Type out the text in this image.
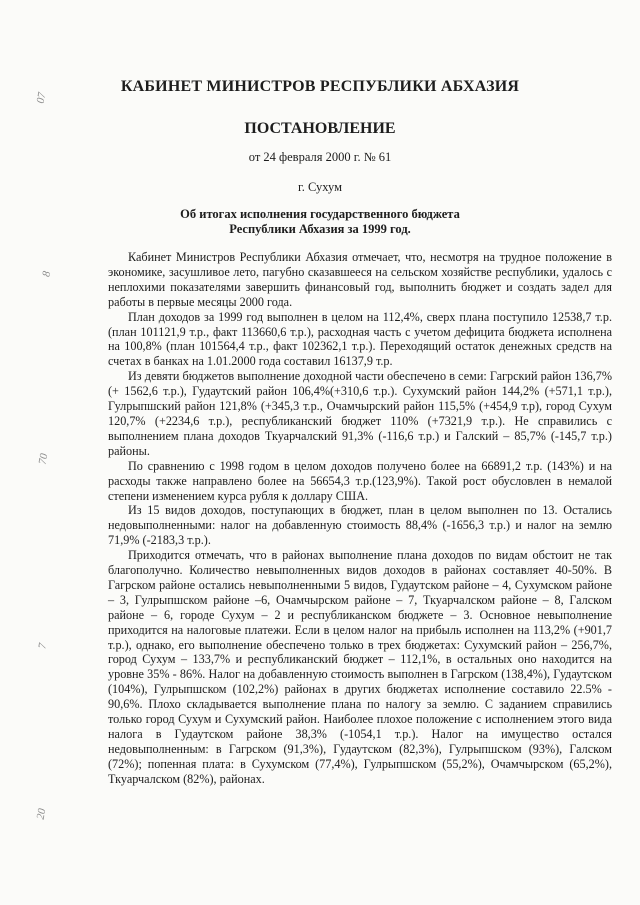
07
8
70
7
20
КАБИНЕТ МИНИСТРОВ РЕСПУБЛИКИ АБХАЗИЯ
ПОСТАНОВЛЕНИЕ
от 24 февраля 2000 г. № 61
г. Сухум
Об итогах исполнения государственного бюджета
Республики Абхазия за 1999 год.

Кабинет Министров Республики Абхазия отмечает, что, несмотря на трудное положение в экономике, засушливое лето, пагубно сказавшееся на сельском хозяйстве республики, удалось с неплохими показателями завершить финансовый год, выполнить бюджет и создать задел для работы в первые месяцы 2000 года.

План доходов за 1999 год выполнен в целом на 112,4%, сверх плана поступило 12538,7 т.р. (план 101121,9 т.р., факт 113660,6 т.р.), расходная часть с учетом дефицита бюджета исполнена на 100,8% (план 101564,4 т.р., факт 102362,1 т.р.). Переходящий остаток денежных средств на счетах в банках на 1.01.2000 года составил 16137,9 т.р.

Из девяти бюджетов выполнение доходной части обеспечено в семи: Гагрский район 136,7% (+ 1562,6 т.р.), Гудаутский район 106,4%(+310,6 т.р.). Сухумский район 144,2% (+571,1 т.р.), Гулрыпшский район 121,8% (+345,3 т.р., Очамчырский район 115,5% (+454,9 т.р), город Сухум 120,7% (+2234,6 т.р.), республиканский бюджет 110% (+7321,9 т.р.). Не справились с выполнением плана доходов Ткуарчалский 91,3% (-116,6 т.р.) и Галский – 85,7% (-145,7 т.р.) районы.

По сравнению с 1998 годом в целом доходов получено более на 66891,2 т.р. (143%) и на расходы также направлено более на 56654,3 т.р.(123,9%). Такой рост обусловлен в немалой степени изменением курса рубля к доллару США.

Из 15 видов доходов, поступающих в бюджет, план в целом выполнен по 13. Остались недовыполненными: налог на добавленную стоимость 88,4% (-1656,3 т.р.) и налог на землю 71,9% (-2183,3 т.р.).

Приходится отмечать, что в районах выполнение плана доходов по видам обстоит не так благополучно. Количество невыполненных видов доходов в районах составляет 40-50%. В Гагрском районе остались невыполненными 5 видов, Гудаутском районе – 4, Сухумском районе – 3, Гулрыпшском районе –6, Очамчырском районе – 7, Ткуарчалском районе – 8, Галском районе – 6, городе Сухум – 2 и республиканском бюджете – 3. Основное невыполнение приходится на налоговые платежи. Если в целом налог на прибыль исполнен на 113,2% (+901,7 т.р.), однако, его выполнение обеспечено только в трех бюджетах: Сухумский район – 256,7%, город Сухум – 133,7% и республиканский бюджет – 112,1%, в остальных оно находится на уровне 35% - 86%. Налог на добавленную стоимость выполнен в Гагрском (138,4%), Гудаутском (104%), Гулрыпшском (102,2%) районах в других бюджетах исполнение составило 22.5% - 90,6%. Плохо складывается выполнение плана по налогу за землю. С заданием справились только город Сухум и Сухумский район. Наиболее плохое положение с исполнением этого вида налога в Гудаутском районе 38,3% (-1054,1 т.р.). Налог на имущество остался недовыполненным: в Гагрском (91,3%), Гудаутском (82,3%), Гулрыпшском (93%), Галском (72%); попенная плата: в Сухумском (77,4%), Гулрыпшском (55,2%), Очамчырском (65,2%), Ткуарчалском (82%), районах.
